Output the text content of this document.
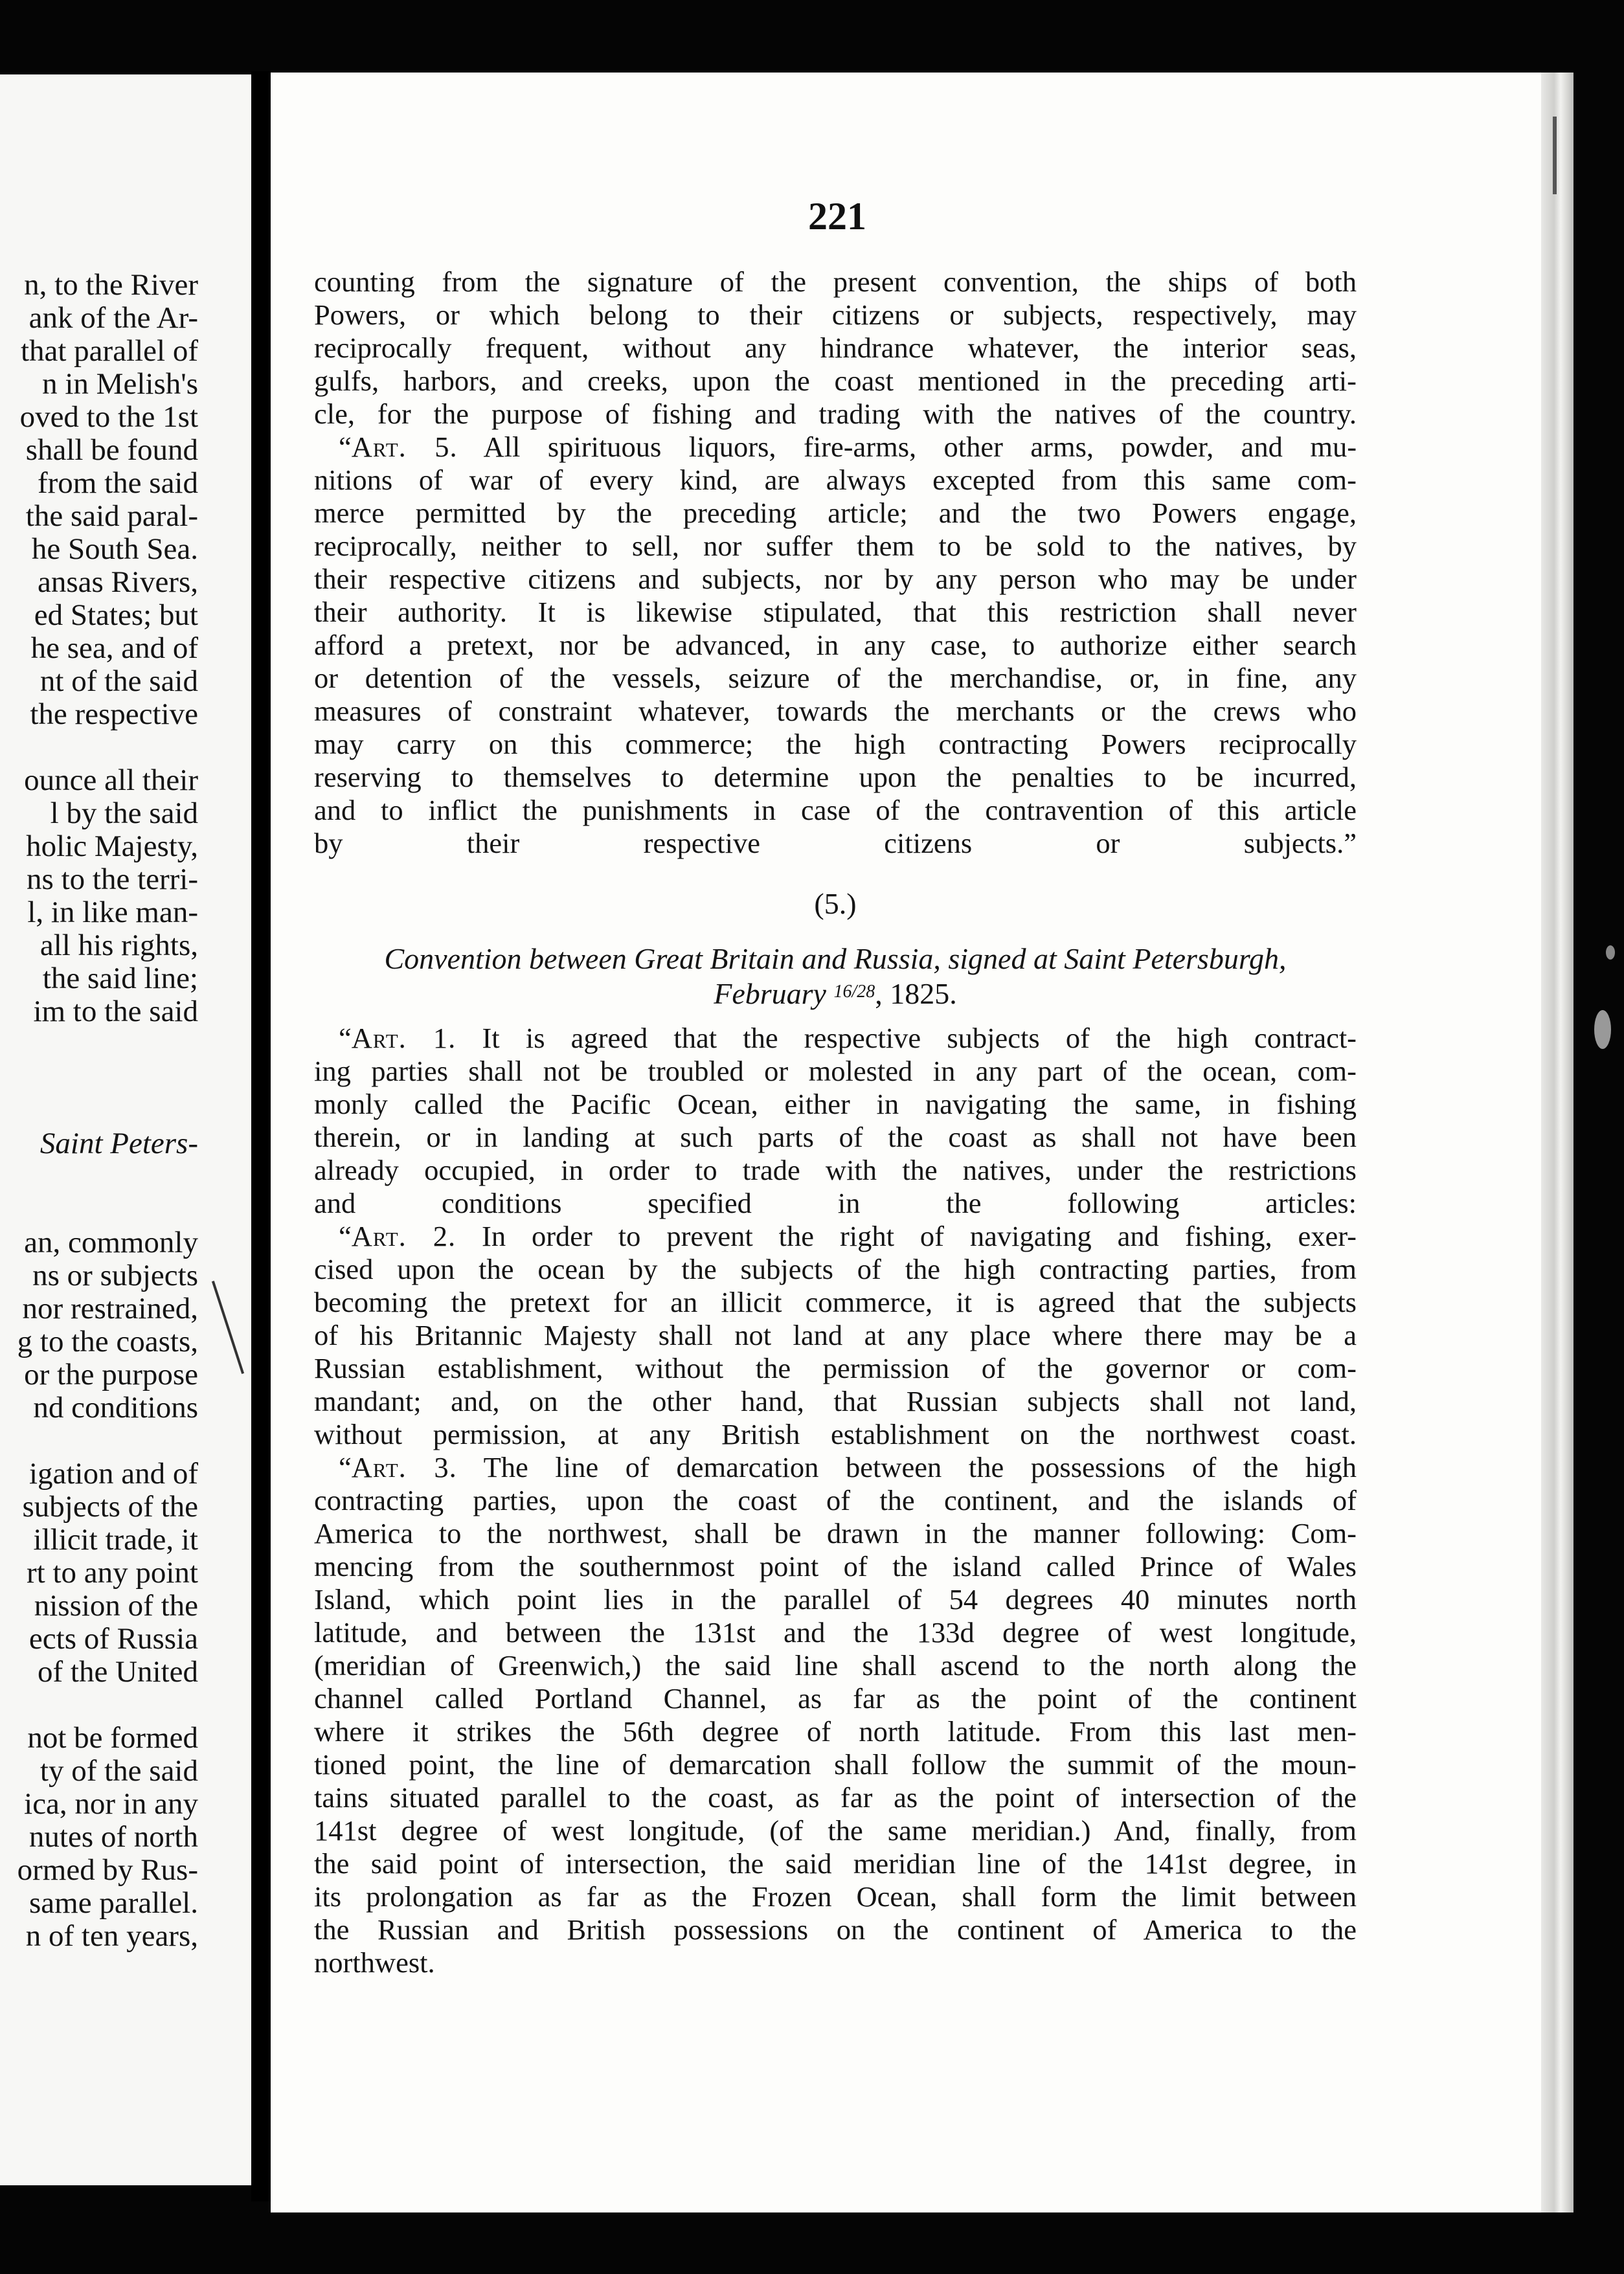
n, to the River
ank of the Ar-
that parallel of
n in Melish's
oved to the 1st
shall be found
from the said
the said paral-
he South Sea.
ansas Rivers,
ed States; but
he sea, and of
nt of the said
the respective
ounce all their
l by the said
holic Majesty,
ns to the terri-
l, in like man-
all his rights,
the said line;
im to the said
Saint Peters-
an, commonly
ns or subjects
nor restrained,
g to the coasts,
or the purpose
nd conditions
igation and of
subjects of the
illicit trade, it
rt to any point
nission of the
ects of Russia
of the United
not be formed
ty of the said
ica, nor in any
nutes of north
ormed by Rus-
same parallel.
n of ten years,
221
counting from the signature of the present convention, the ships of both
Powers, or which belong to their citizens or subjects, respectively, may
reciprocally frequent, without any hindrance whatever, the interior seas,
gulfs, harbors, and creeks, upon the coast mentioned in the preceding arti-
cle, for the purpose of fishing and trading with the natives of the country.
“Art. 5. All spirituous liquors, fire-arms, other arms, powder, and mu-
nitions of war of every kind, are always excepted from this same com-
merce permitted by the preceding article; and the two Powers engage,
reciprocally, neither to sell, nor suffer them to be sold to the natives, by
their respective citizens and subjects, nor by any person who may be under
their authority. It is likewise stipulated, that this restriction shall never
afford a pretext, nor be advanced, in any case, to authorize either search
or detention of the vessels, seizure of the merchandise, or, in fine, any
measures of constraint whatever, towards the merchants or the crews who
may carry on this commerce; the high contracting Powers reciprocally
reserving to themselves to determine upon the penalties to be incurred,
and to inflict the punishments in case of the contravention of this article
by their respective citizens or subjects.”
(5.)
Convention between Great Britain and Russia, signed at Saint Petersburgh,
February $^{16/28}$, 1825.
“Art. 1. It is agreed that the respective subjects of the high contract-
ing parties shall not be troubled or molested in any part of the ocean, com-
monly called the Pacific Ocean, either in navigating the same, in fishing
therein, or in landing at such parts of the coast as shall not have been
already occupied, in order to trade with the natives, under the restrictions
and conditions specified in the following articles:
“Art. 2. In order to prevent the right of navigating and fishing, exer-
cised upon the ocean by the subjects of the high contracting parties, from
becoming the pretext for an illicit commerce, it is agreed that the subjects
of his Britannic Majesty shall not land at any place where there may be a
Russian establishment, without the permission of the governor or com-
mandant; and, on the other hand, that Russian subjects shall not land,
without permission, at any British establishment on the northwest coast.
“Art. 3. The line of demarcation between the possessions of the high
contracting parties, upon the coast of the continent, and the islands of
America to the northwest, shall be drawn in the manner following: Com-
mencing from the southernmost point of the island called Prince of Wales
Island, which point lies in the parallel of 54 degrees 40 minutes north
latitude, and between the 131st and the 133d degree of west longitude,
(meridian of Greenwich,) the said line shall ascend to the north along the
channel called Portland Channel, as far as the point of the continent
where it strikes the 56th degree of north latitude. From this last men-
tioned point, the line of demarcation shall follow the summit of the moun-
tains situated parallel to the coast, as far as the point of intersection of the
141st degree of west longitude, (of the same meridian.) And, finally, from
the said point of intersection, the said meridian line of the 141st degree, in
its prolongation as far as the Frozen Ocean, shall form the limit between
the Russian and British possessions on the continent of America to the
northwest.
